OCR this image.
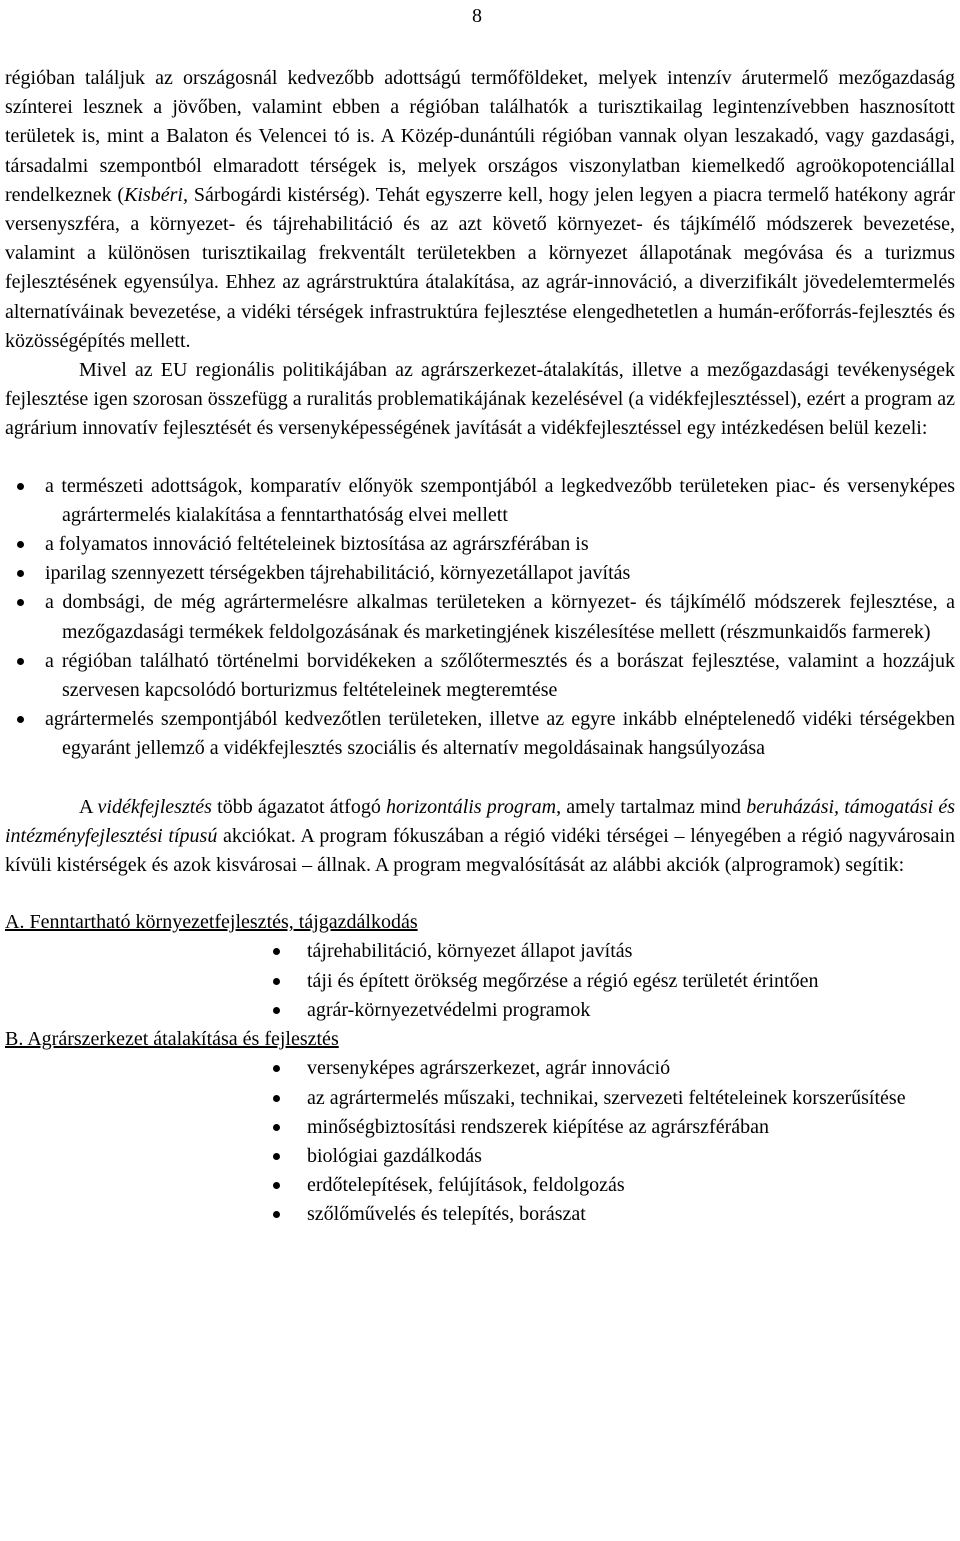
8

régióban találjuk az országosnál kedvezőbb adottságú termőföldeket, melyek intenzív árutermelő mezőgazdaság színterei lesznek a jövőben, valamint ebben a régióban találhatók a turisztikailag legintenzívebben hasznosított területek is, mint a Balaton és Velencei tó is. A Közép-dunántúli régióban vannak olyan leszakadó, vagy gazdasági, társadalmi szempontból elmaradott térségek is, melyek országos viszonylatban kiemelkedő agroökopotenciállal rendelkeznek (Kisbéri, Sárbogárdi kistérség). Tehát egyszerre kell, hogy jelen legyen a piacra termelő hatékony agrár versenyszféra, a környezet- és tájrehabilitáció és az azt követő környezet- és tájkímélő módszerek bevezetése, valamint a különösen turisztikailag frekventált területekben a környezet állapotának megóvása és a turizmus fejlesztésének egyensúlya. Ehhez az agrárstruktúra átalakítása, az agrár-innováció, a diverzifikált jövedelemtermelés alternatíváinak bevezetése, a vidéki térségek infrastruktúra fejlesztése elengedhetetlen a humán-erőforrás-fejlesztés és közösségépítés mellett.

Mivel az EU regionális politikájában az agrárszerkezet-átalakítás, illetve a mezőgazdasági tevékenységek fejlesztése igen szorosan összefügg a ruralitás problematikájának kezelésével (a vidékfejlesztéssel), ezért a program az agrárium innovatív fejlesztését és versenyképességének javítását a vidékfejlesztéssel egy intézkedésen belül kezeli:

a természeti adottságok, komparatív előnyök szempontjából a legkedvezőbb területeken piac- és versenyképes agrártermelés kialakítása a fenntarthatóság elvei mellett
a folyamatos innováció feltételeinek biztosítása az agrárszférában is
iparilag szennyezett térségekben tájrehabilitáció, környezetállapot javítás
a dombsági, de még agrártermelésre alkalmas területeken a környezet- és tájkímélő módszerek fejlesztése, a mezőgazdasági termékek feldolgozásának és marketingjének kiszélesítése mellett (részmunkaidős farmerek)
a régióban található történelmi borvidékeken a szőlőtermesztés és a borászat fejlesztése, valamint a hozzájuk szervesen kapcsolódó borturizmus feltételeinek megteremtése
agrártermelés szempontjából kedvezőtlen területeken, illetve az egyre inkább elnéptelenedő vidéki térségekben egyaránt jellemző a vidékfejlesztés szociális és alternatív megoldásainak hangsúlyozása

A vidékfejlesztés több ágazatot átfogó horizontális program, amely tartalmaz mind beruházási, támogatási és intézményfejlesztési típusú akciókat. A program fókuszában a régió vidéki térségei – lényegében a régió nagyvárosain kívüli kistérségek és azok kisvárosai – állnak. A program megvalósítását az alábbi akciók (alprogramok) segítik:

A. Fenntartható környezetfejlesztés, tájgazdálkodás
tájrehabilitáció, környezet állapot javítás
táji és épített örökség megőrzése a régió egész területét érintően
agrár-környezetvédelmi programok
B. Agrárszerkezet átalakítása és fejlesztés
versenyképes agrárszerkezet, agrár innováció
az agrártermelés műszaki, technikai, szervezeti feltételeinek korszerűsítése
minőségbiztosítási rendszerek kiépítése az agrárszférában
biológiai gazdálkodás
erdőtelepítések, felújítások, feldolgozás
szőlőművelés és telepítés, borászat
